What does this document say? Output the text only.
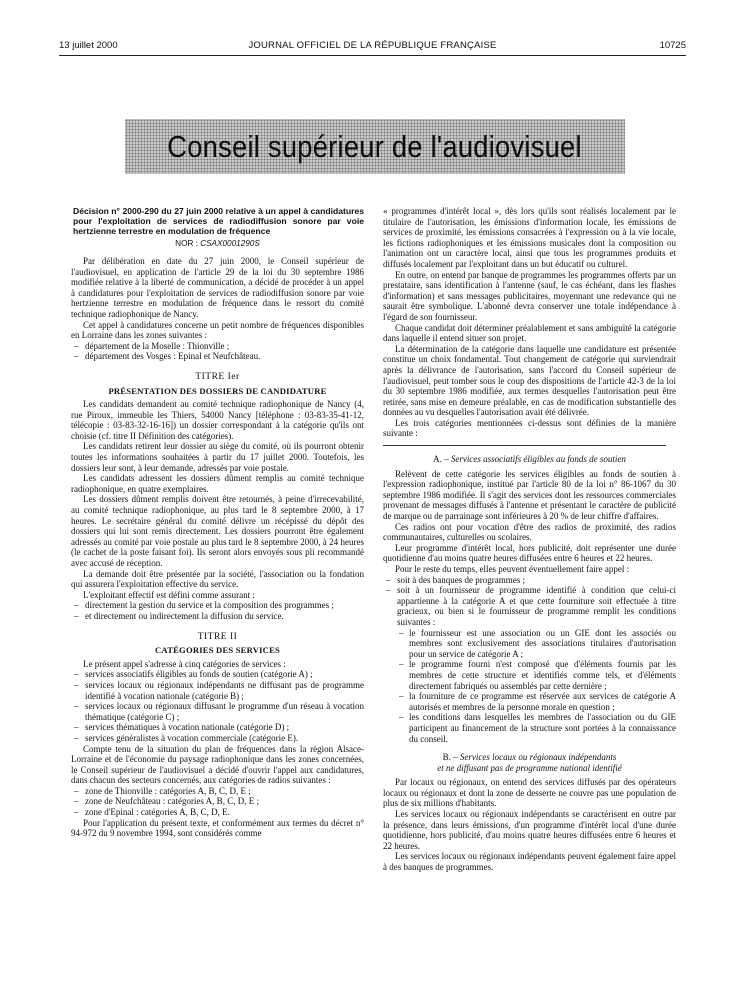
13 juillet 2000	JOURNAL OFFICIEL DE LA RÉPUBLIQUE FRANÇAISE	10725
Conseil supérieur de l'audiovisuel

Décision n° 2000-290 du 27 juin 2000 relative à un appel à candidatures pour l'exploitation de services de radiodiffusion sonore par voie hertzienne terrestre en modulation de fréquence

NOR : CSAX0001290S

Par délibération en date du 27 juin 2000, le Conseil supérieur de l'audiovisuel, en application de l'article 29 de la loi du 30 septembre 1986 modifiée relative à la liberté de communication, a décidé de procéder à un appel à candidatures pour l'exploitation de services de radiodiffusion sonore par voie hertzienne terrestre en modulation de fréquence dans le ressort du comité technique radiophonique de Nancy.

Cet appel à candidatures concerne un petit nombre de fréquences disponibles en Lorraine dans les zones suivantes :

– département de la Moselle : Thionville ;
– département des Vosges : Epinal et Neufchâteau.
TITRE Ier
PRÉSENTATION DES DOSSIERS DE CANDIDATURE

Les candidats demandent au comité technique radiophonique de Nancy (4, rue Piroux, immeuble les Thiers, 54000 Nancy [téléphone : 03-83-35-41-12, télécopie : 03-83-32-16-16]) un dossier correspondant à la catégorie qu'ils ont choisie (cf. titre II Définition des catégories).

Les candidats retirent leur dossier au siège du comité, où ils pourront obtenir toutes les informations souhaitées à partir du 17 juillet 2000. Toutefois, les dossiers leur sont, à leur demande, adressés par voie postale.

Les candidats adressent les dossiers dûment remplis au comité technique radiophonique, en quatre exemplaires.

Les dossiers dûment remplis doivent être retournés, à peine d'irrecevabilité, au comité technique radiophonique, au plus tard le 8 septembre 2000, à 17 heures. Le secrétaire général du comité délivre un récépissé du dépôt des dossiers qui lui sont remis directement. Les dossiers pourront être également adressés au comité par voie postale au plus tard le 8 septembre 2000, à 24 heures (le cachet de la poste faisant foi). Ils seront alors envoyés sous pli recommandé avec accusé de réception.

La demande doit être présentée par la société, l'association ou la fondation qui assurera l'exploitation effective du service.

L'exploitant effectif est défini comme assurant :

– directement la gestion du service et la composition des programmes ;
– et directement ou indirectement la diffusion du service.
TITRE II
CATÉGORIES DES SERVICES

Le présent appel s'adresse à cinq catégories de services :

– services associatifs éligibles au fonds de soutien (catégorie A) ;
– services locaux ou régionaux indépendants ne diffusant pas de programme identifié à vocation nationale (catégorie B) ;
– services locaux ou régionaux diffusant le programme d'un réseau à vocation thématique (catégorie C) ;
– services thématiques à vocation nationale (catégorie D) ;
– services généralistes à vocation commerciale (catégorie E).

Compte tenu de la situation du plan de fréquences dans la région Alsace-Lorraine et de l'économie du paysage radiophonique dans les zones concernées, le Conseil supérieur de l'audiovisuel a décidé d'ouvrir l'appel aux candidatures, dans chacun des secteurs concernés, aux catégories de radios suivantes :

– zone de Thionville : catégories A, B, C, D, E ;
– zone de Neufchâteau : catégories A, B, C, D, E ;
– zone d'Epinal : catégories A, B, C, D, E.

Pour l'application du présent texte, et conformément aux termes du décret n° 94-972 du 9 novembre 1994, sont considérés comme

« programmes d'intérêt local », dès lors qu'ils sont réalisés localement par le titulaire de l'autorisation, les émissions d'information locale, les émissions de services de proximité, les émissions consacrées à l'expression ou à la vie locale, les fictions radiophoniques et les émissions musicales dont la composition ou l'animation ont un caractère local, ainsi que tous les programmes produits et diffusés localement par l'exploitant dans un but éducatif ou culturel.

En outre, on entend par banque de programmes les programmes offerts par un prestataire, sans identification à l'antenne (sauf, le cas échéant, dans les flashes d'information) et sans messages publicitaires, moyennant une redevance qui ne saurait être symbolique. L'abonné devra conserver une totale indépendance à l'égard de son fournisseur.

Chaque candidat doit déterminer préalablement et sans ambiguïté la catégorie dans laquelle il entend situer son projet.

La détermination de la catégorie dans laquelle une candidature est présentée constitue un choix fondamental. Tout changement de catégorie qui surviendrait après la délivrance de l'autorisation, sans l'accord du Conseil supérieur de l'audiovisuel, peut tomber sous le coup des dispositions de l'article 42-3 de la loi du 30 septembre 1986 modifiée, aux termes desquelles l'autorisation peut être retirée, sans mise en demeure préalable, en cas de modification substantielle des données au vu desquelles l'autorisation avait été délivrée.

Les trois catégories mentionnées ci-dessus sont définies de la manière suivante :

A. – Services associatifs éligibles au fonds de soutien

Relèvent de cette catégorie les services éligibles au fonds de soutien à l'expression radiophonique, institué par l'article 80 de la loi n° 86-1067 du 30 septembre 1986 modifiée. Il s'agit des services dont les ressources commerciales provenant de messages diffusés à l'antenne et présentant le caractère de publicité de marque ou de parrainage sont inférieures à 20 % de leur chiffre d'affaires.

Ces radios ont pour vocation d'être des radios de proximité, des radios communautaires, culturelles ou scolaires.

Leur programme d'intérêt local, hors publicité, doit représenter une durée quotidienne d'au moins quatre heures diffusées entre 6 heures et 22 heures.

Pour le reste du temps, elles peuvent éventuellement faire appel :

– soit à des banques de programmes ;
– soit à un fournisseur de programme identifié à condition que celui-ci appartienne à la catégorie A et que cette fourniture soit effectuée à titre gracieux, ou bien si le fournisseur de programme remplit les conditions suivantes :
– le fournisseur est une association ou un GIE dont les associés ou membres sont exclusivement des associations titulaires d'autorisation pour un service de catégorie A ;
– le programme fourni n'est composé que d'éléments fournis par les membres de cette structure et identifiés comme tels, et d'éléments directement fabriqués ou assemblés par cette dernière ;
– la fourniture de ce programme est réservée aux services de catégorie A autorisés et membres de la personne morale en question ;
– les conditions dans lesquelles les membres de l'association ou du GIE participent au financement de la structure sont portées à la connaissance du conseil.
B. – Services locaux ou régionaux indépendants
et ne diffusant pas de programme national identifié

Par locaux ou régionaux, on entend des services diffusés par des opérateurs locaux ou régionaux et dont la zone de desserte ne couvre pas une population de plus de six millions d'habitants.

Les services locaux ou régionaux indépendants se caractérisent en outre par la présence, dans leurs émissions, d'un programme d'intérêt local d'une durée quotidienne, hors publicité, d'au moins quatre heures diffusées entre 6 heures et 22 heures.

Les services locaux ou régionaux indépendants peuvent également faire appel à des banques de programmes.
